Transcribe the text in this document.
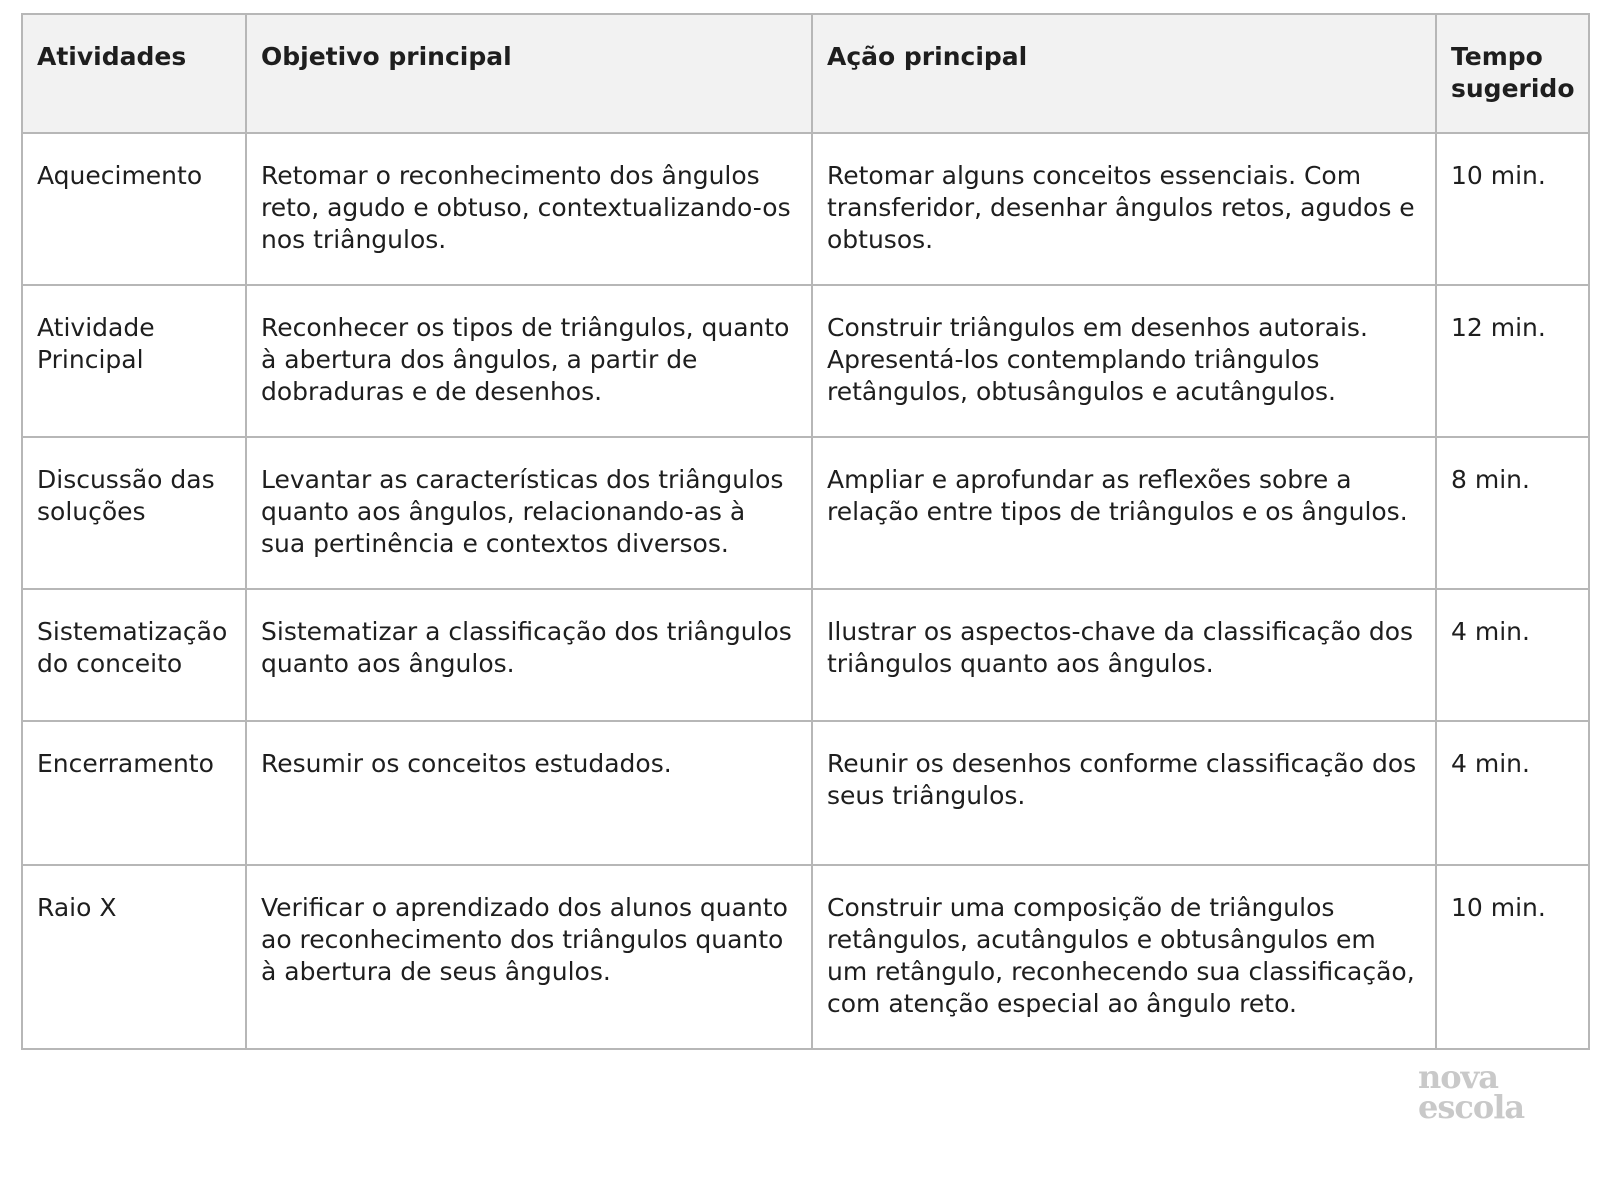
Atividades	Objetivo principal	Ação principal	Tempo sugerido
Aquecimento	Retomar o reconhecimento dos ângulos reto, agudo e obtuso, contextualizando-os nos triângulos.	Retomar alguns conceitos essenciais. Com transferidor, desenhar ângulos retos, agudos e obtusos.	10 min.
Atividade Principal	Reconhecer os tipos de triângulos, quanto à abertura dos ângulos, a partir de dobraduras e de desenhos.	Construir triângulos em desenhos autorais. Apresentá-los contemplando triângulos retângulos, obtusângulos e acutângulos.	12 min.
Discussão das soluções	Levantar as características dos triângulos quanto aos ângulos, relacionando-as à sua pertinência e contextos diversos.	Ampliar e aprofundar as reflexões sobre a relação entre tipos de triângulos e os ângulos.	8 min.
Sistematização do conceito	Sistematizar a classificação dos triângulos quanto aos ângulos.	Ilustrar os aspectos-chave da classificação dos triângulos quanto aos ângulos.	4 min.
Encerramento	Resumir os conceitos estudados.	Reunir os desenhos conforme classificação dos seus triângulos.	4 min.
Raio X	Verificar o aprendizado dos alunos quanto ao reconhecimento dos triângulos quanto à abertura de seus ângulos.	Construir uma composição de triângulos retângulos, acutângulos e obtusângulos em um retângulo, reconhecendo sua classificação, com atenção especial ao ângulo reto.	10 min.
nova
escola
